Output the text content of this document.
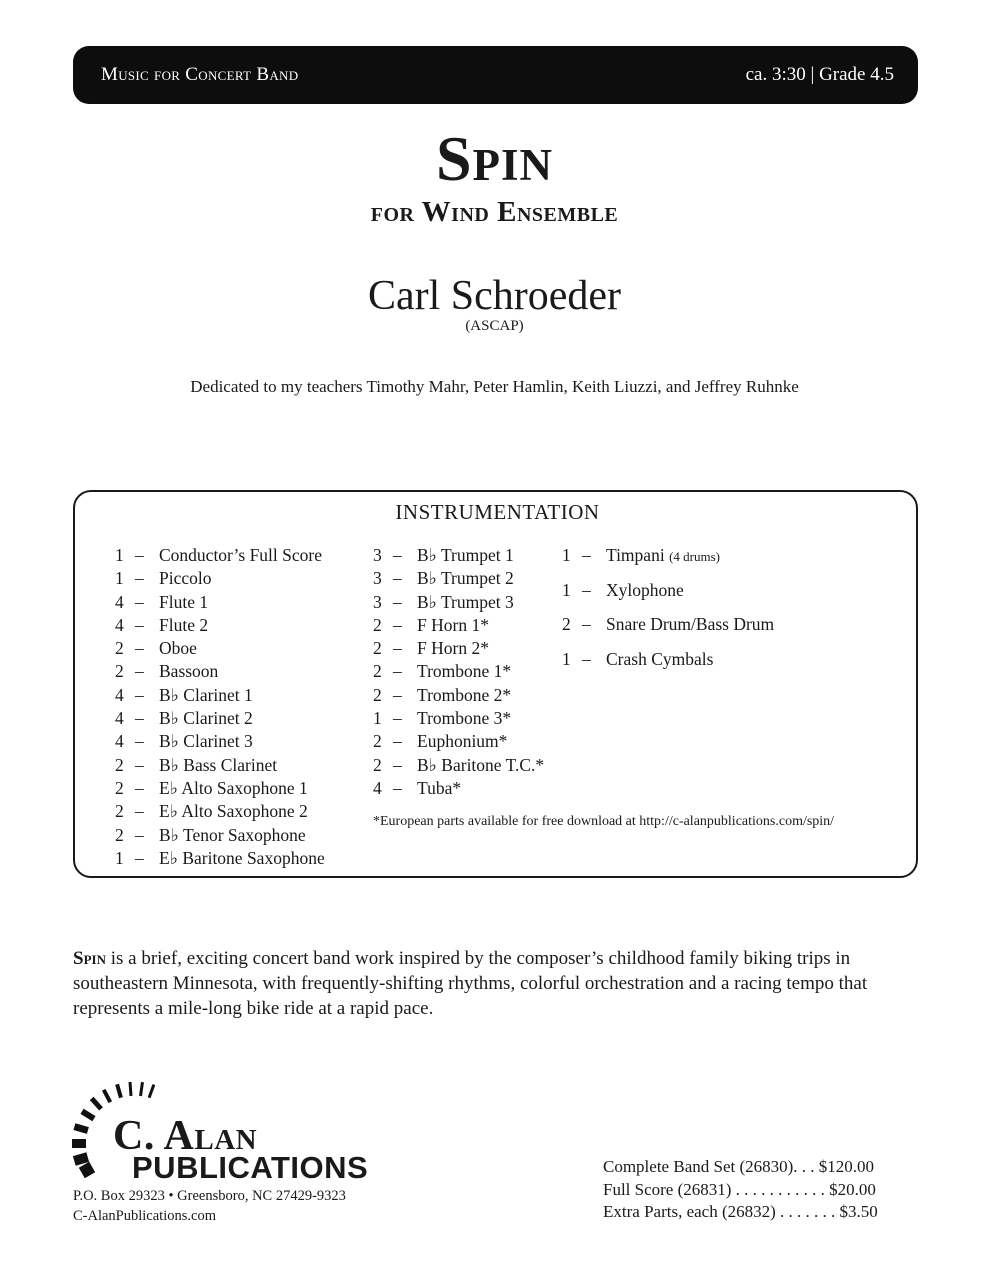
Music for Concert Band	ca. 3:30 | Grade 4.5
Spin
for Wind Ensemble
Carl Schroeder
(ASCAP)
Dedicated to my teachers Timothy Mahr, Peter Hamlin, Keith Liuzzi, and Jeffrey Ruhnke
INSTRUMENTATION
1 – Conductor’s Full Score
1 – Piccolo
4 – Flute 1
4 – Flute 2
2 – Oboe
2 – Bassoon
4 – B♭ Clarinet 1
4 – B♭ Clarinet 2
4 – B♭ Clarinet 3
2 – B♭ Bass Clarinet
2 – E♭ Alto Saxophone 1
2 – E♭ Alto Saxophone 2
2 – B♭ Tenor Saxophone
1 – E♭ Baritone Saxophone
3 – B♭ Trumpet 1
3 – B♭ Trumpet 2
3 – B♭ Trumpet 3
2 – F Horn 1*
2 – F Horn 2*
2 – Trombone 1*
2 – Trombone 2*
1 – Trombone 3*
2 – Euphonium*
2 – B♭ Baritone T.C.*
4 – Tuba*
1 – Timpani (4 drums)
1 – Xylophone
2 – Snare Drum/Bass Drum
1 – Crash Cymbals
*European parts available for free download at http://c-alanpublications.com/spin/
Spin is a brief, exciting concert band work inspired by the composer’s childhood family biking trips in southeastern Minnesota, with frequently-shifting rhythms, colorful orchestration and a racing tempo that represents a mile-long bike ride at a rapid pace.
C. Alan
PUBLICATIONS
P.O. Box 29323 • Greensboro, NC 27429-9323
C-AlanPublications.com
Complete Band Set (26830). . . $120.00
Full Score (26831) . . . . . . . . . . . $20.00
Extra Parts, each (26832) . . . . . . . $3.50
